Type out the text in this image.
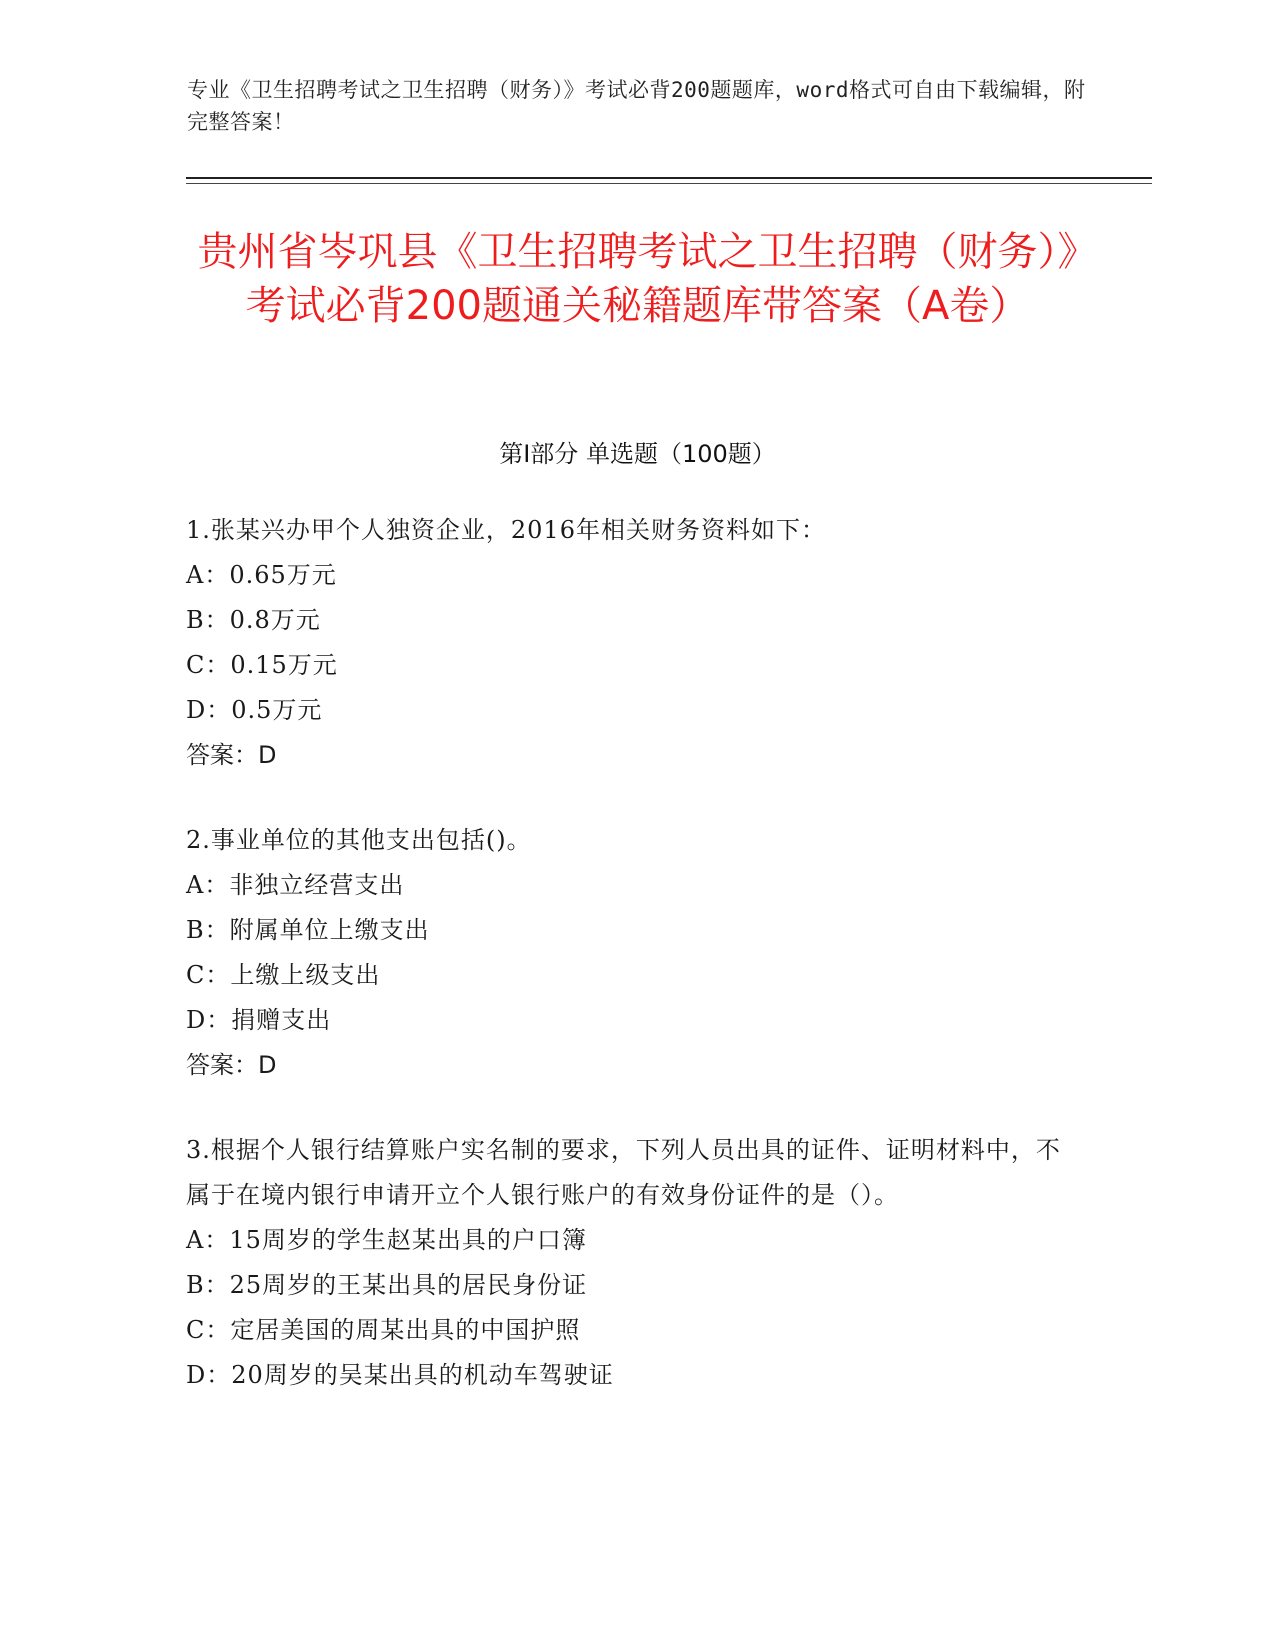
专业《卫生招聘考试之卫生招聘（财务）》考试必背200题题库，word格式可自由下载编辑，附完整答案！
贵州省岑巩县《卫生招聘考试之卫生招聘（财务）》考试必背200题通关秘籍题库带答案（A卷）
第Ⅰ部分 单选题（100题）
1.张某兴办甲个人独资企业，2016年相关财务资料如下：
A：0.65万元
B：0.8万元
C：0.15万元
D：0.5万元
答案：D
2.事业单位的其他支出包括()。
A：非独立经营支出
B：附属单位上缴支出
C：上缴上级支出
D：捐赠支出
答案：D
3.根据个人银行结算账户实名制的要求，下列人员出具的证件、证明材料中，不属于在境内银行申请开立个人银行账户的有效身份证件的是（）。
A：15周岁的学生赵某出具的户口簿
B：25周岁的王某出具的居民身份证
C：定居美国的周某出具的中国护照
D：20周岁的吴某出具的机动车驾驶证
